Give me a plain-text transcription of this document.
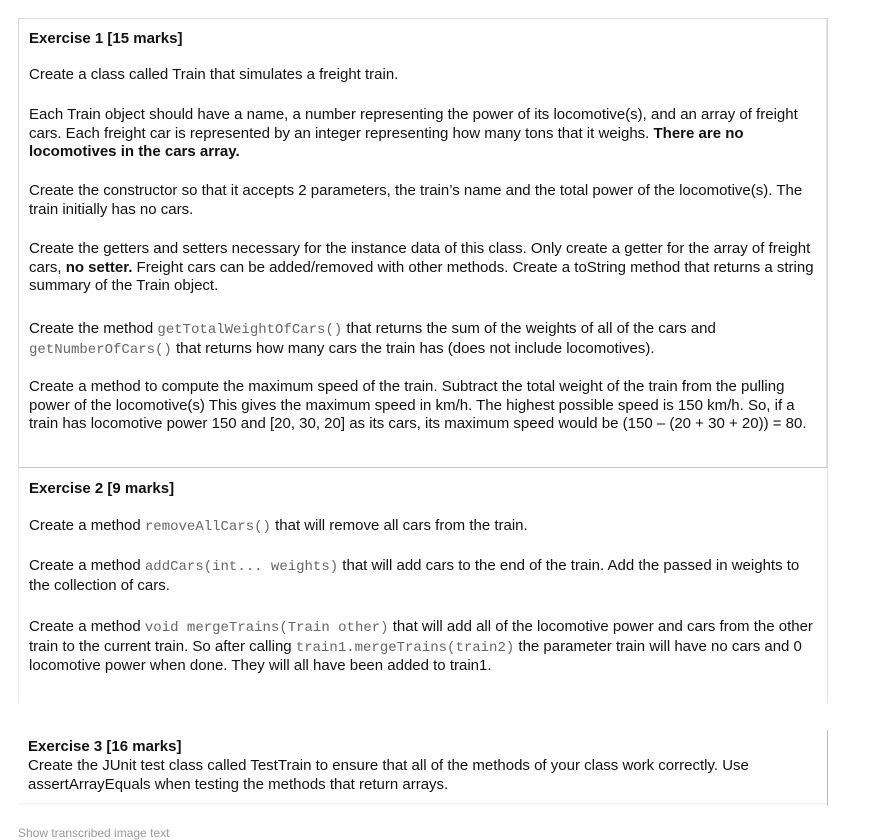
Exercise 1 [15 marks]

Create a class called Train that simulates a freight train.

Each Train object should have a name, a number representing the power of its locomotive(s), and an array of freight cars. Each freight car is represented by an integer representing how many tons that it weighs. There are no locomotives in the cars array.

Create the constructor so that it accepts 2 parameters, the train’s name and the total power of the locomotive(s). The train initially has no cars.

Create the getters and setters necessary for the instance data of this class. Only create a getter for the array of freight cars, no setter. Freight cars can be added/removed with other methods. Create a toString method that returns a string summary of the Train object.

Create the method getTotalWeightOfCars() that returns the sum of the weights of all of the cars and getNumberOfCars() that returns how many cars the train has (does not include locomotives).

Create a method to compute the maximum speed of the train. Subtract the total weight of the train from the pulling power of the locomotive(s) This gives the maximum speed in km/h. The highest possible speed is 150 km/h. So, if a train has locomotive power 150 and [20, 30, 20] as its cars, its maximum speed would be (150 – (20 + 30 + 20)) = 80.

Exercise 2 [9 marks]

Create a method removeAllCars() that will remove all cars from the train.

Create a method addCars(int... weights) that will add cars to the end of the train. Add the passed in weights to the collection of cars.

Create a method void mergeTrains(Train other) that will add all of the locomotive power and cars from the other train to the current train. So after calling train1.mergeTrains(train2) the parameter train will have no cars and 0 locomotive power when done. They will all have been added to train1.

Exercise 3 [16 marks]

Create the JUnit test class called TestTrain to ensure that all of the methods of your class work correctly. Use assertArrayEquals when testing the methods that return arrays.

Show transcribed image text
